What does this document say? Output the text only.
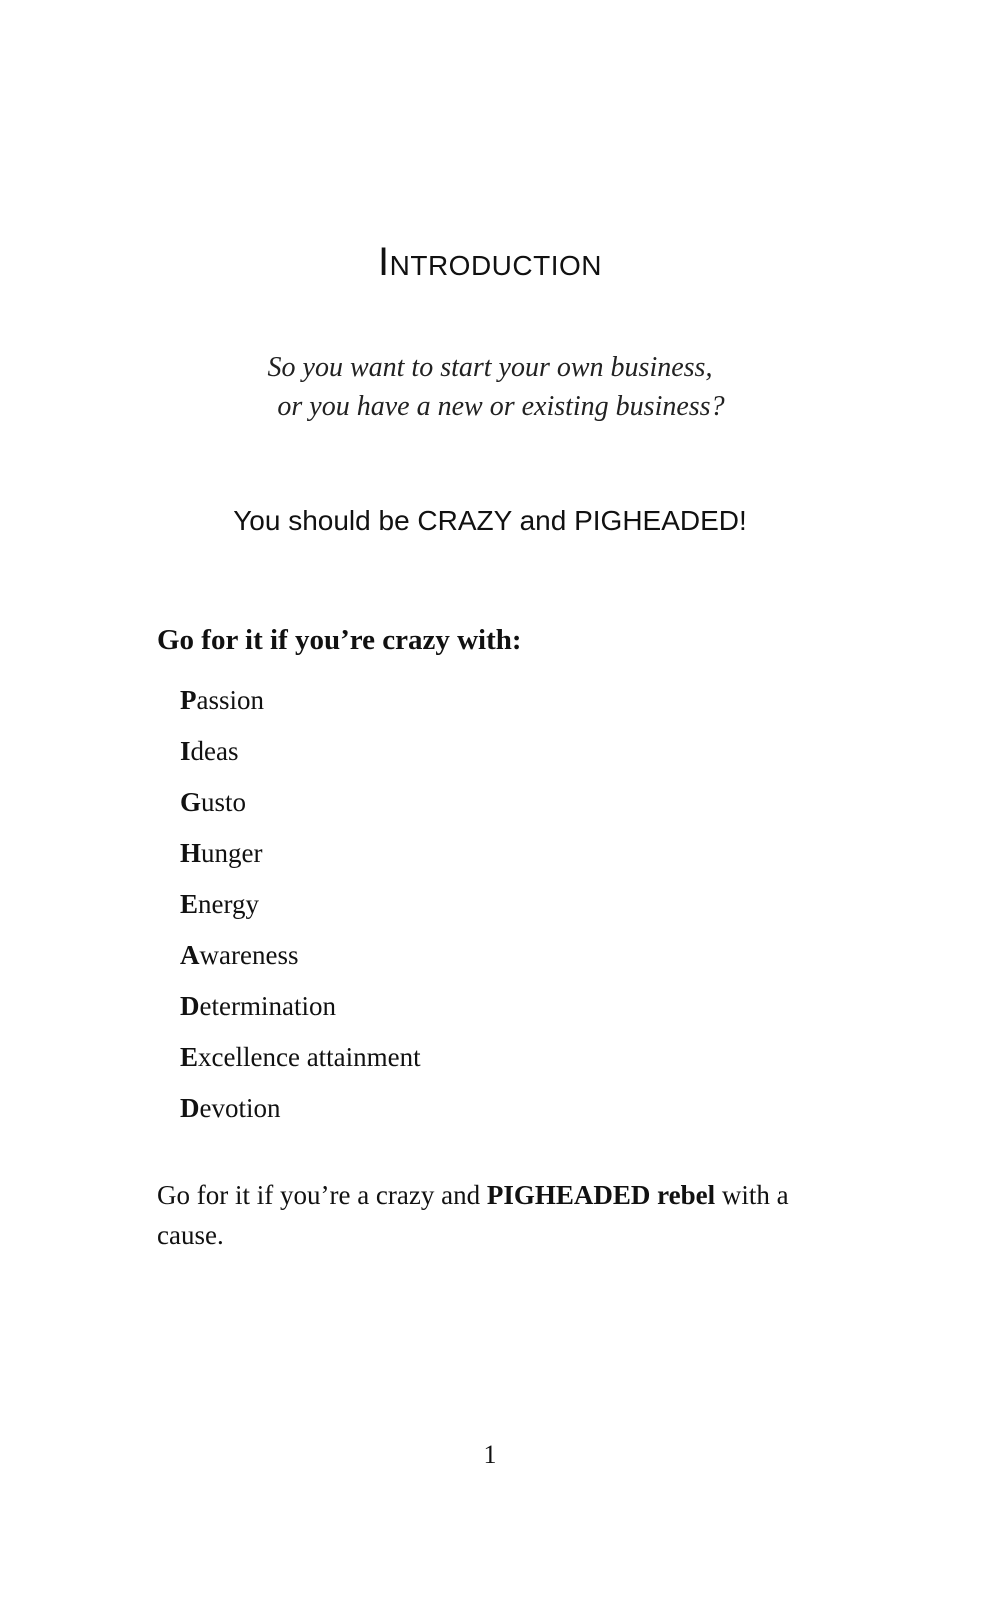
Introduction
So you want to start your own business,
or you have a new or existing business?
You should be CRAZY and PIGHEADED!
Go for it if you’re crazy with:
Passion
Ideas
Gusto
Hunger
Energy
Awareness
Determination
Excellence attainment
Devotion
Go for it if you’re a crazy and PIGHEADED rebel with a cause.
1
